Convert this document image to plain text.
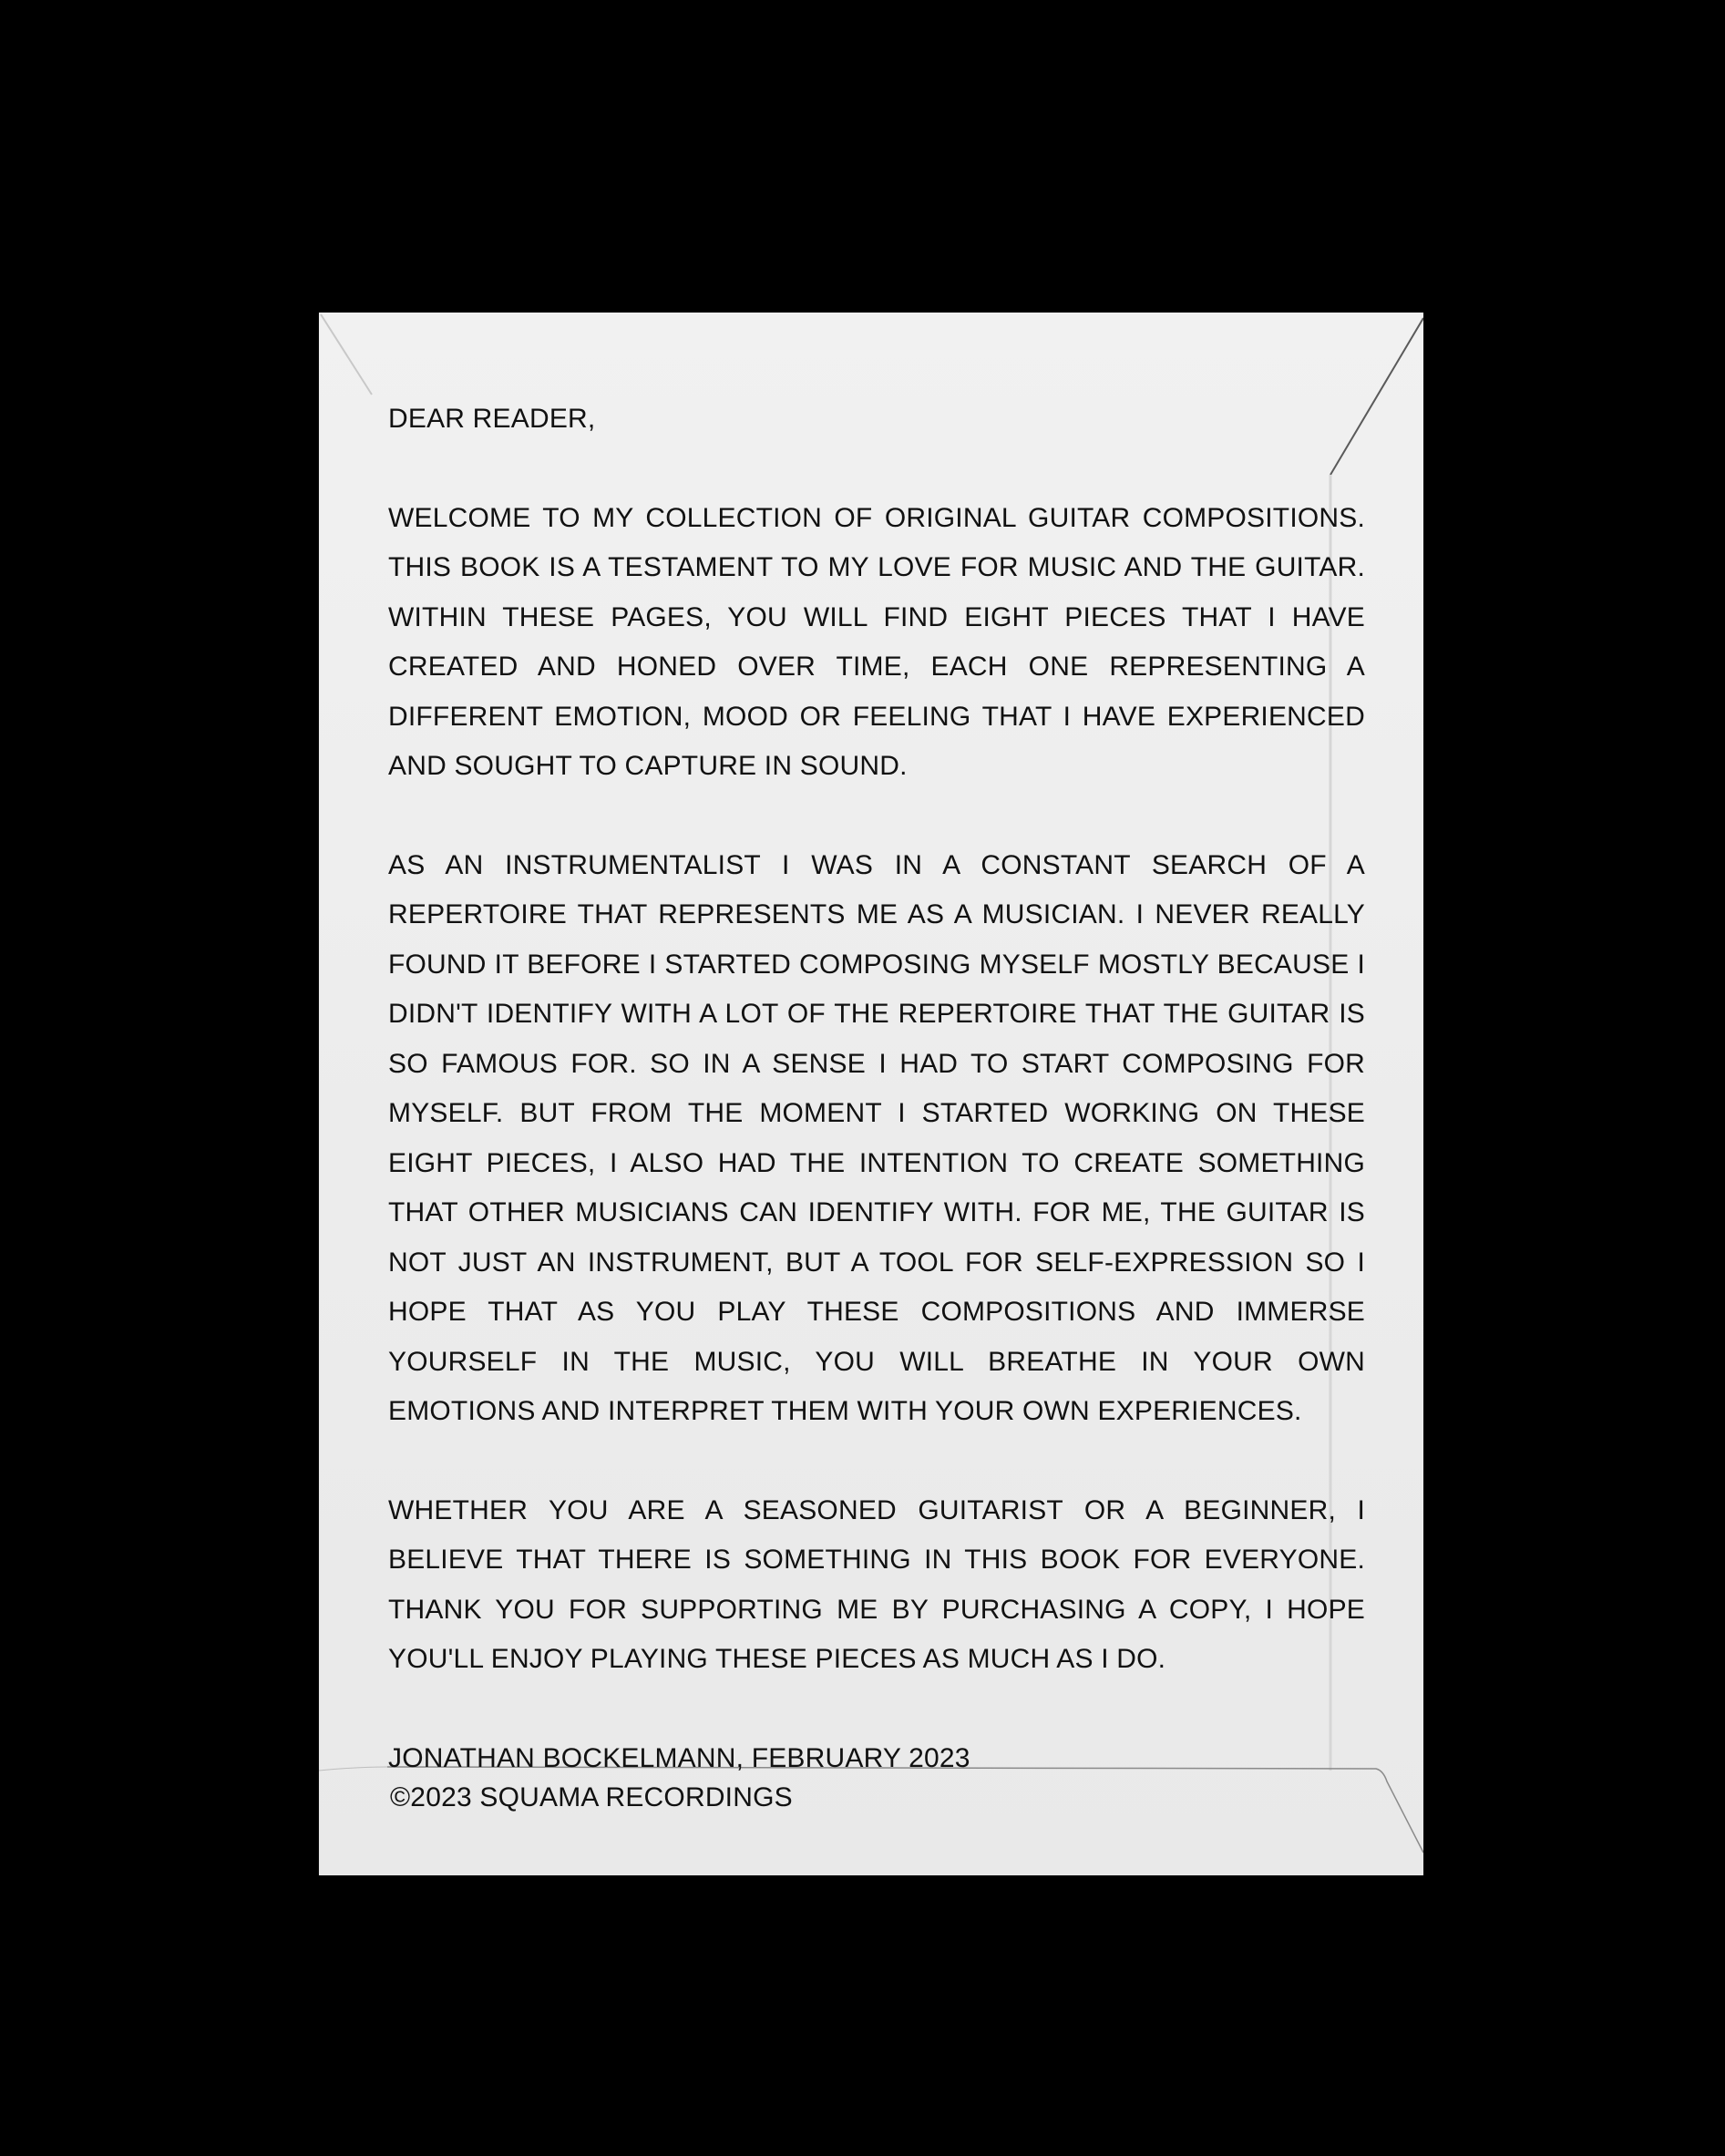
DEAR READER,

WELCOME TO MY COLLECTION OF ORIGINAL GUITAR COMPOSITIONS. THIS BOOK IS A TESTAMENT TO MY LOVE FOR MUSIC AND THE GUITAR. WITHIN THESE PAGES, YOU WILL FIND EIGHT PIECES THAT I HAVE CREATED AND HONED OVER TIME, EACH ONE REPRESENTING A DIFFERENT EMOTION, MOOD OR FEELING THAT I HAVE EXPERIENCED AND SOUGHT TO CAPTURE IN SOUND.

AS AN INSTRUMENTALIST I WAS IN A CONSTANT SEARCH OF A REPERTOIRE THAT REPRESENTS ME AS A MUSICIAN. I NEVER REALLY FOUND IT BEFORE I STARTED COMPOSING MYSELF MOSTLY BECAUSE I DIDN'T IDENTIFY WITH A LOT OF THE REPERTOIRE THAT THE GUITAR IS SO FAMOUS FOR. SO IN A SENSE I HAD TO START COMPOSING FOR MYSELF. BUT FROM THE MOMENT I STARTED WORKING ON THESE EIGHT PIECES, I ALSO HAD THE INTENTION TO CREATE SOMETHING THAT OTHER MUSICIANS CAN IDENTIFY WITH. FOR ME, THE GUITAR IS NOT JUST AN INSTRUMENT, BUT A TOOL FOR SELF-EXPRESSION SO I HOPE THAT AS YOU PLAY THESE COMPOSITIONS AND IMMERSE YOURSELF IN THE MUSIC, YOU WILL BREATHE IN YOUR OWN EMOTIONS AND INTERPRET THEM WITH YOUR OWN EXPERIENCES.

WHETHER YOU ARE A SEASONED GUITARIST OR A BEGINNER, I BELIEVE THAT THERE IS SOMETHING IN THIS BOOK FOR EVERYONE. THANK YOU FOR SUPPORTING ME BY PURCHASING A COPY, I HOPE YOU'LL ENJOY PLAYING THESE PIECES AS MUCH AS I DO.

JONATHAN BOCKELMANN, FEBRUARY 2023

©2023 SQUAMA RECORDINGS
